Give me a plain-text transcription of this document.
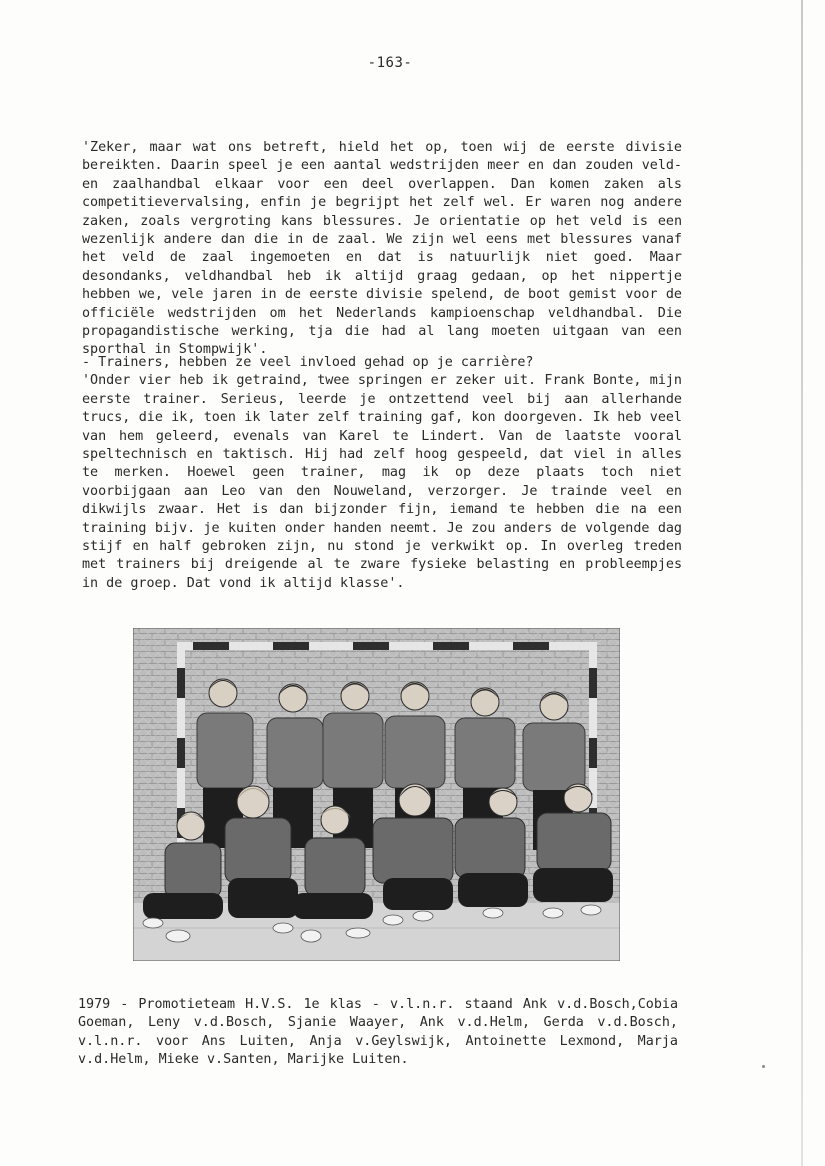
-163-

'Zeker, maar wat ons betreft, hield het op, toen wij de eerste divisie bereikten. Daarin speel je een aantal wedstrijden meer en dan zouden veld- en zaalhandbal elkaar voor een deel overlappen. Dan komen zaken als competitievervalsing, enfin je begrijpt het zelf wel. Er waren nog andere zaken, zoals vergroting kans blessures. Je orientatie op het veld is een wezenlijk andere dan die in de zaal. We zijn wel eens met blessures vanaf het veld de zaal ingemoeten en dat is natuurlijk niet goed. Maar desondanks, veldhandbal heb ik altijd graag gedaan, op het nippertje hebben we, vele jaren in de eerste divisie spelend, de boot gemist voor de officiële wedstrijden om het Nederlands kampioenschap veldhandbal. Die propagandistische werking, tja die had al lang moeten uitgaan van een sporthal in Stompwijk'.

- Trainers, hebben ze veel invloed gehad op je carrière?

'Onder vier heb ik getraind, twee springen er zeker uit. Frank Bonte, mijn eerste trainer. Serieus, leerde je ontzettend veel bij aan allerhande trucs, die ik, toen ik later zelf training gaf, kon doorgeven. Ik heb veel van hem geleerd, evenals van Karel te Lindert. Van de laatste vooral speltechnisch en taktisch. Hij had zelf hoog gespeeld, dat viel in alles te merken. Hoewel geen trainer, mag ik op deze plaats toch niet voorbijgaan aan Leo van den Nouweland, verzorger. Je trainde veel en dikwijls zwaar. Het is dan bijzonder fijn, iemand te hebben die na een training bijv. je kuiten onder handen neemt. Je zou anders de volgende dag stijf en half gebroken zijn, nu stond je verkwikt op. In overleg treden met trainers bij dreigende al te zware fysieke belasting en probleempjes in de groep. Dat vond ik altijd klasse'.

1979 - Promotieteam H.V.S. 1e klas - v.l.n.r. staand Ank v.d.Bosch,Cobia Goeman, Leny v.d.Bosch, Sjanie Waayer, Ank v.d.Helm, Gerda v.d.Bosch, v.l.n.r. voor Ans Luiten, Anja v.Geylswijk, Antoinette Lexmond, Marja v.d.Helm, Mieke v.Santen, Marijke Luiten.
